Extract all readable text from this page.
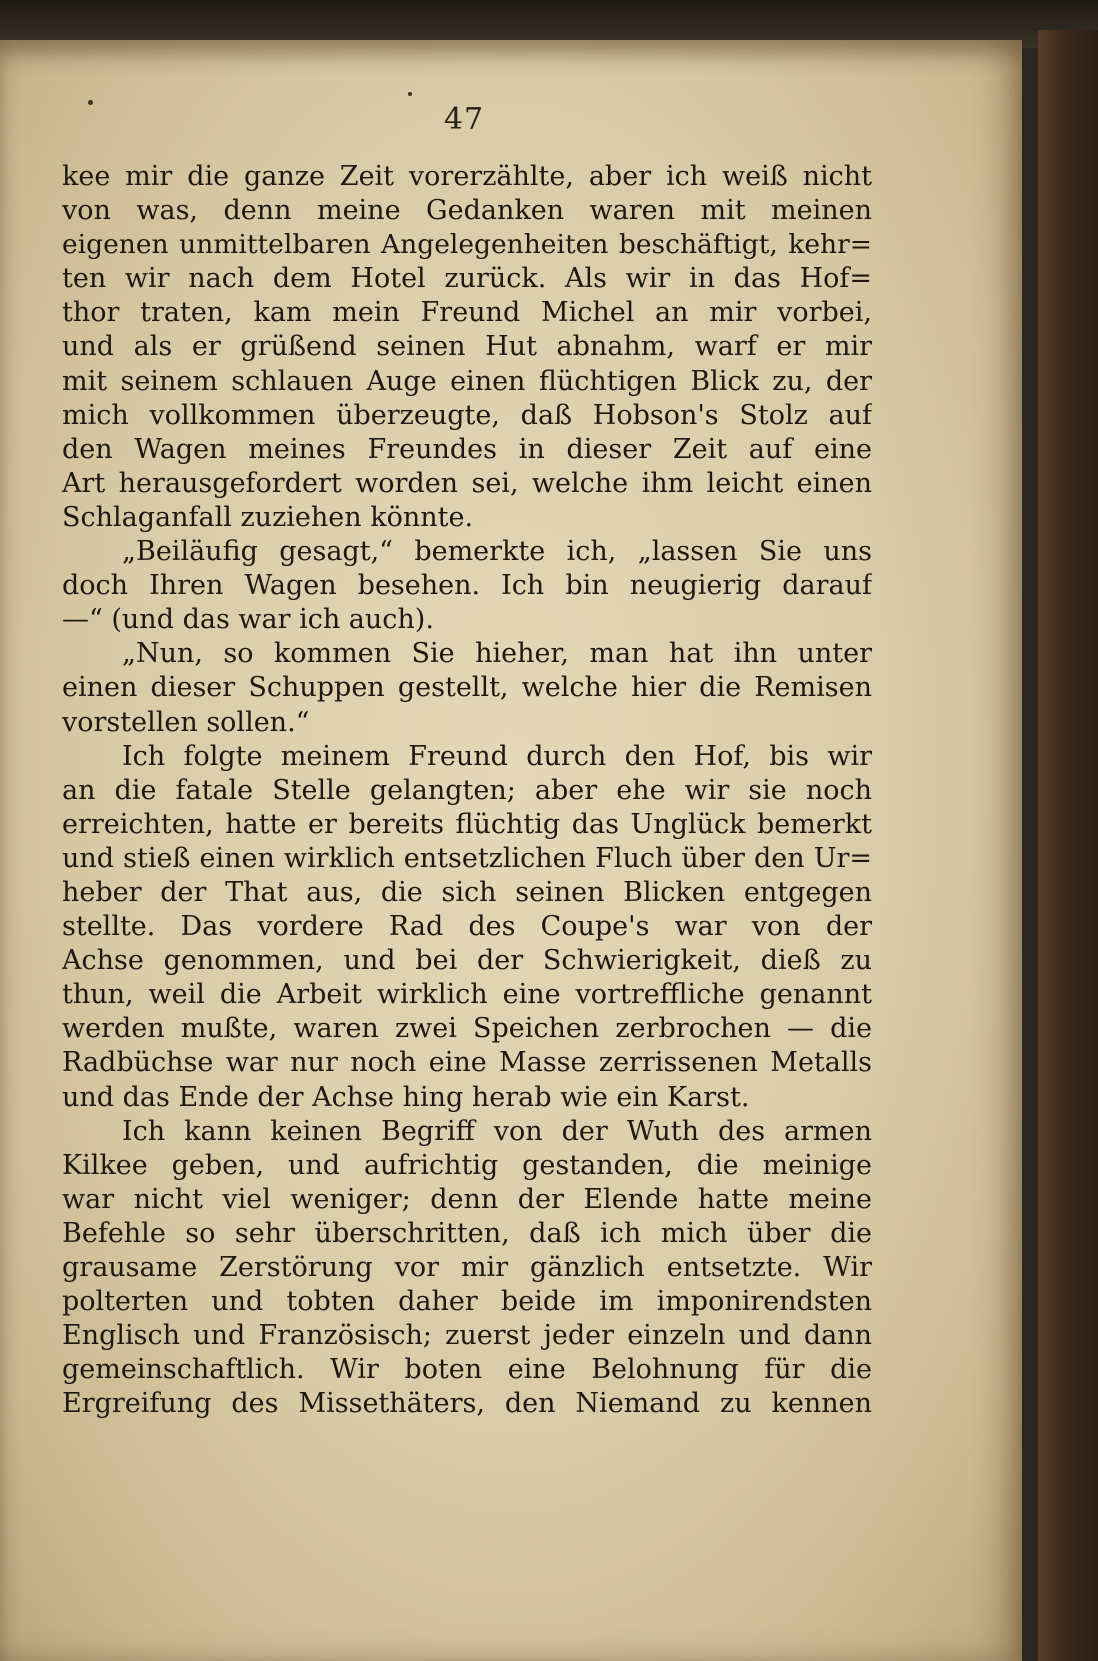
47
kee mir die ganze Zeit vorerzählte, aber ich weiß nicht
von was, denn meine Gedanken waren mit meinen
eigenen unmittelbaren Angelegenheiten beschäftigt, kehr=
ten wir nach dem Hotel zurück. Als wir in das Hof=
thor traten, kam mein Freund Michel an mir vorbei,
und als er grüßend seinen Hut abnahm, warf er mir
mit seinem schlauen Auge einen flüchtigen Blick zu, der
mich vollkommen überzeugte, daß Hobson's Stolz auf
den Wagen meines Freundes in dieser Zeit auf eine
Art herausgefordert worden sei, welche ihm leicht einen
Schlaganfall zuziehen könnte.
„Beiläufig gesagt,“ bemerkte ich, „lassen Sie uns
doch Ihren Wagen besehen. Ich bin neugierig darauf
—“ (und das war ich auch).
„Nun, so kommen Sie hieher, man hat ihn unter
einen dieser Schuppen gestellt, welche hier die Remisen
vorstellen sollen.“
Ich folgte meinem Freund durch den Hof, bis wir
an die fatale Stelle gelangten; aber ehe wir sie noch
erreichten, hatte er bereits flüchtig das Unglück bemerkt
und stieß einen wirklich entsetzlichen Fluch über den Ur=
heber der That aus, die sich seinen Blicken entgegen
stellte. Das vordere Rad des Coupe's war von der
Achse genommen, und bei der Schwierigkeit, dieß zu
thun, weil die Arbeit wirklich eine vortreffliche genannt
werden mußte, waren zwei Speichen zerbrochen — die
Radbüchse war nur noch eine Masse zerrissenen Metalls
und das Ende der Achse hing herab wie ein Karst.
Ich kann keinen Begriff von der Wuth des armen
Kilkee geben, und aufrichtig gestanden, die meinige
war nicht viel weniger; denn der Elende hatte meine
Befehle so sehr überschritten, daß ich mich über die
grausame Zerstörung vor mir gänzlich entsetzte. Wir
polterten und tobten daher beide im imponirendsten
Englisch und Französisch; zuerst jeder einzeln und dann
gemeinschaftlich. Wir boten eine Belohnung für die
Ergreifung des Missethäters, den Niemand zu kennen
